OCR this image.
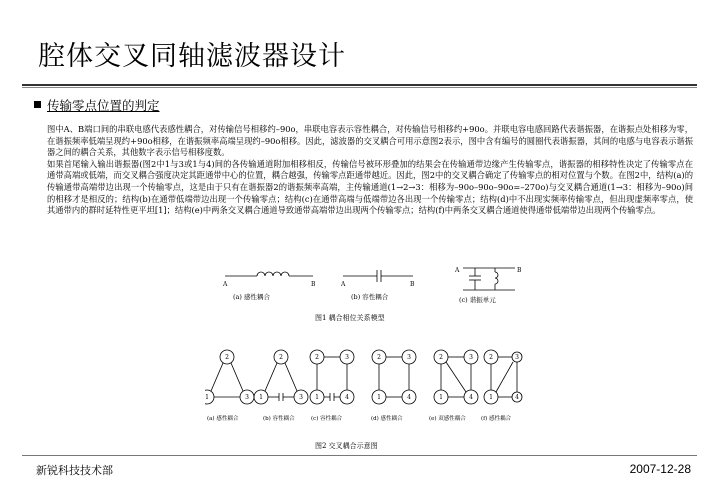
腔体交叉同轴滤波器设计
传输零点位置的判定

图中A、B端口间的串联电感代表感性耦合，对传输信号相移约–90o，串联电容表示容性耦合，对传输信号相移约+90o。并联电容电感回路代表谐振器，在谐振点处相移为零，在谐振频率低端呈现约+90o相移，在谐振频率高端呈现约–90o相移。因此，滤波器的交叉耦合可用示意图2表示，图中含有编号的圆圈代表谐振器，其间的电感与电容表示谐振器之间的耦合关系，其他数字表示信号相移度数。

如果首尾输入输出谐振器(图2中1与3或1与4)间的各传输通道附加相移相反，传输信号被环形叠加的结果会在传输通带边缘产生传输零点，谐振器的相移特性决定了传输零点在通带高端或低端，而交叉耦合强度决定其距通带中心的位置，耦合越强，传输零点距通带越近。因此，图2中的交叉耦合确定了传输零点的相对位置与个数。在图2中，结构(a)的传输通带高端带边出现一个传输零点，这是由于只有在谐振器2的谐振频率高端，主传输通道(1→2→3：相移为–90o–90o–90o=–270o)与交叉耦合通道(1→3：相移为–90o)间的相移才是相反的；结构(b)在通带低端带边出现一个传输零点；结构(c)在通带高端与低端带边各出现一个传输零点；结构(d)中不出现实频率传输零点，但出现虚频率零点，使其通带内的群时延特性更平坦[1]；结构(e)中两条交叉耦合通道导致通带高端带边出现两个传输零点；结构(f)中两条交叉耦合通道使得通带低端带边出现两个传输零点。

A	B	A	B
A	B
(a) 感性耦合	(b) 容性耦合	(c) 谐振单元
图1 耦合相位关系模型
2
1	3
2
1	3
2	3
1	4
2	3
1	4
2	3
1	4
2	3
1	4
(a) 感性耦合	(b) 容性耦合	(c) 容性耦合	(d) 感性耦合	(e) 双感性耦合	(f) 感性耦合
图2 交叉耦合示意图
新锐科技技术部	2007-12-28
